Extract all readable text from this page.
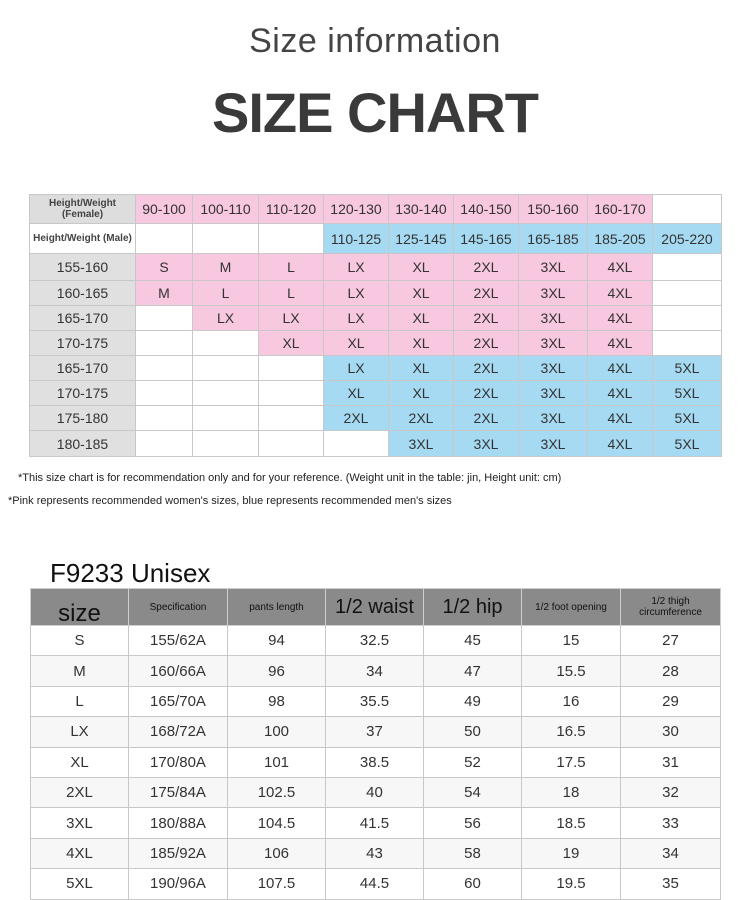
Size information
SIZE CHART
Height/Weight (Female)	90-100	100-110	110-120	120-130	130-140	140-150	150-160	160-170	
Height/Weight (Male)				110-125	125-145	145-165	165-185	185-205	205-220
155-160	S	M	L	LX	XL	2XL	3XL	4XL	
160-165	M	L	L	LX	XL	2XL	3XL	4XL	
165-170		LX	LX	LX	XL	2XL	3XL	4XL	
170-175			XL	XL	XL	2XL	3XL	4XL	
165-170				LX	XL	2XL	3XL	4XL	5XL
170-175				XL	XL	2XL	3XL	4XL	5XL
175-180				2XL	2XL	2XL	3XL	4XL	5XL
180-185					3XL	3XL	3XL	4XL	5XL
*This size chart is for recommendation only and for your reference. (Weight unit in the table: jin, Height unit: cm)
*Pink represents recommended women's sizes, blue represents recommended men's sizes
F9233 Unisex
size	Specification	pants length	1/2 waist	1/2 hip	1/2 foot opening	1/2 thigh circumference
S	155/62A	94	32.5	45	15	27
M	160/66A	96	34	47	15.5	28
L	165/70A	98	35.5	49	16	29
LX	168/72A	100	37	50	16.5	30
XL	170/80A	101	38.5	52	17.5	31
2XL	175/84A	102.5	40	54	18	32
3XL	180/88A	104.5	41.5	56	18.5	33
4XL	185/92A	106	43	58	19	34
5XL	190/96A	107.5	44.5	60	19.5	35
